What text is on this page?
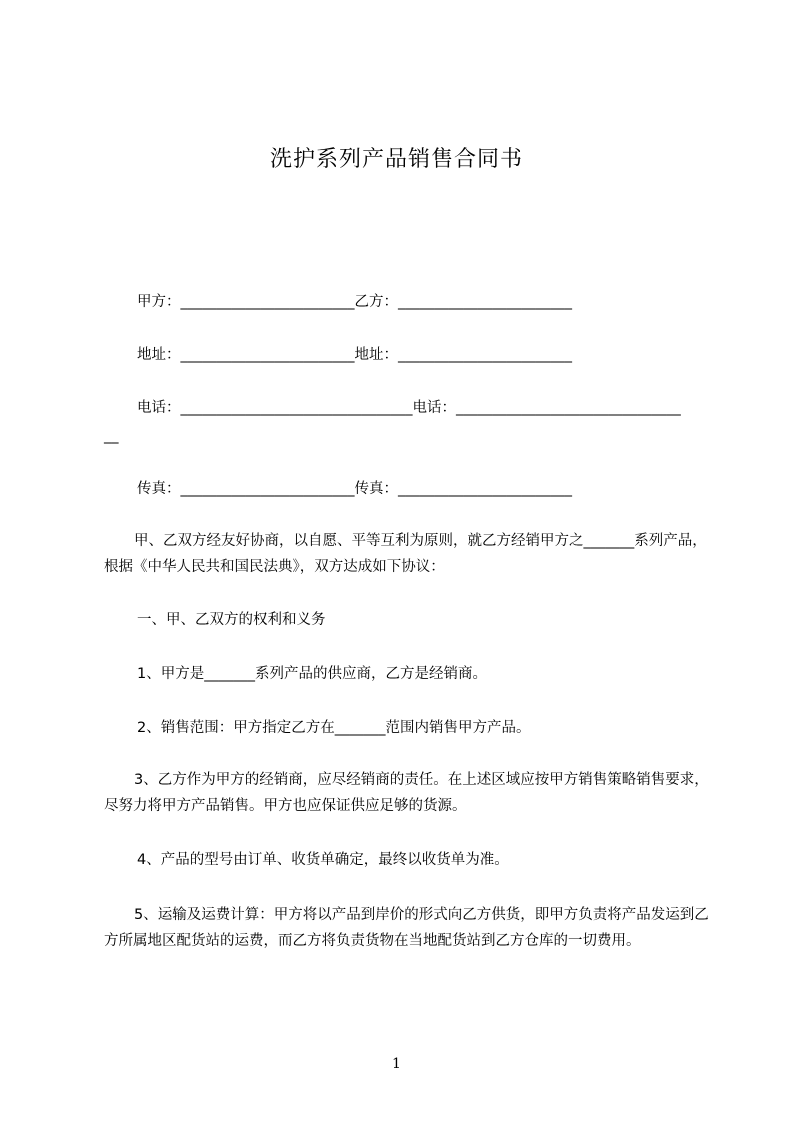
洗护系列产品销售合同书
甲方：________________________乙方：________________________
地址：________________________地址：________________________
电话：________________________________电话：_______________________________
__
传真：________________________传真：________________________
甲、乙双方经友好协商，以自愿、平等互利为原则，就乙方经销甲方之_______系列产品，根据《中华人民共和国民法典》，双方达成如下协议：
一、甲、乙双方的权利和义务
1、甲方是_______系列产品的供应商，乙方是经销商。
2、销售范围：甲方指定乙方在_______范围内销售甲方产品。
3、乙方作为甲方的经销商，应尽经销商的责任。在上述区域应按甲方销售策略销售要求，尽努力将甲方产品销售。甲方也应保证供应足够的货源。
4、产品的型号由订单、收货单确定，最终以收货单为准。
5、运输及运费计算：甲方将以产品到岸价的形式向乙方供货，即甲方负责将产品发运到乙方所属地区配货站的运费，而乙方将负责货物在当地配货站到乙方仓库的一切费用。
1
